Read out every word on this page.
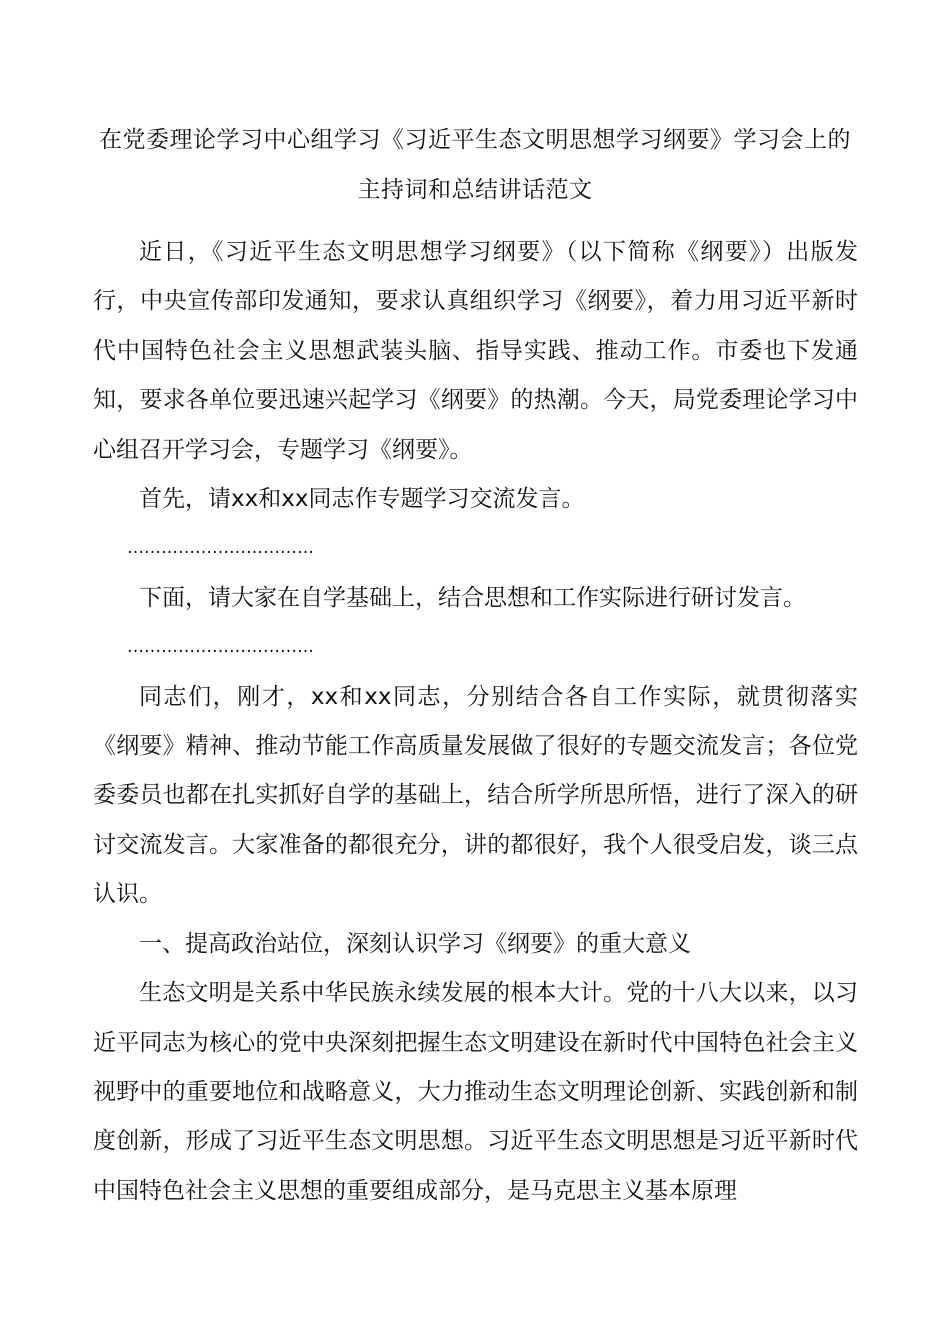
在党委理论学习中心组学习《习近平生态文明思想学习纲要》学习会上的
主持词和总结讲话范文

近日，《习近平生态文明思想学习纲要》（以下简称《纲要》）出版发行，中央宣传部印发通知，要求认真组织学习《纲要》，着力用习近平新时代中国特色社会主义思想武装头脑、指导实践、推动工作。市委也下发通知，要求各单位要迅速兴起学习《纲要》的热潮。今天，局党委理论学习中心组召开学习会，专题学习《纲要》。

首先，请xx和xx同志作专题学习交流发言。

……………………………

下面，请大家在自学基础上，结合思想和工作实际进行研讨发言。

……………………………

同志们，刚才，xx和xx同志，分别结合各自工作实际，就贯彻落实《纲要》精神、推动节能工作高质量发展做了很好的专题交流发言；各位党委委员也都在扎实抓好自学的基础上，结合所学所思所悟，进行了深入的研讨交流发言。大家准备的都很充分，讲的都很好，我个人很受启发，谈三点认识。

一、提高政治站位，深刻认识学习《纲要》的重大意义

生态文明是关系中华民族永续发展的根本大计。党的十八大以来，以习近平同志为核心的党中央深刻把握生态文明建设在新时代中国特色社会主义视野中的重要地位和战略意义，大力推动生态文明理论创新、实践创新和制度创新，形成了习近平生态文明思想。习近平生态文明思想是习近平新时代中国特色社会主义思想的重要组成部分，是马克思主义基本原理
